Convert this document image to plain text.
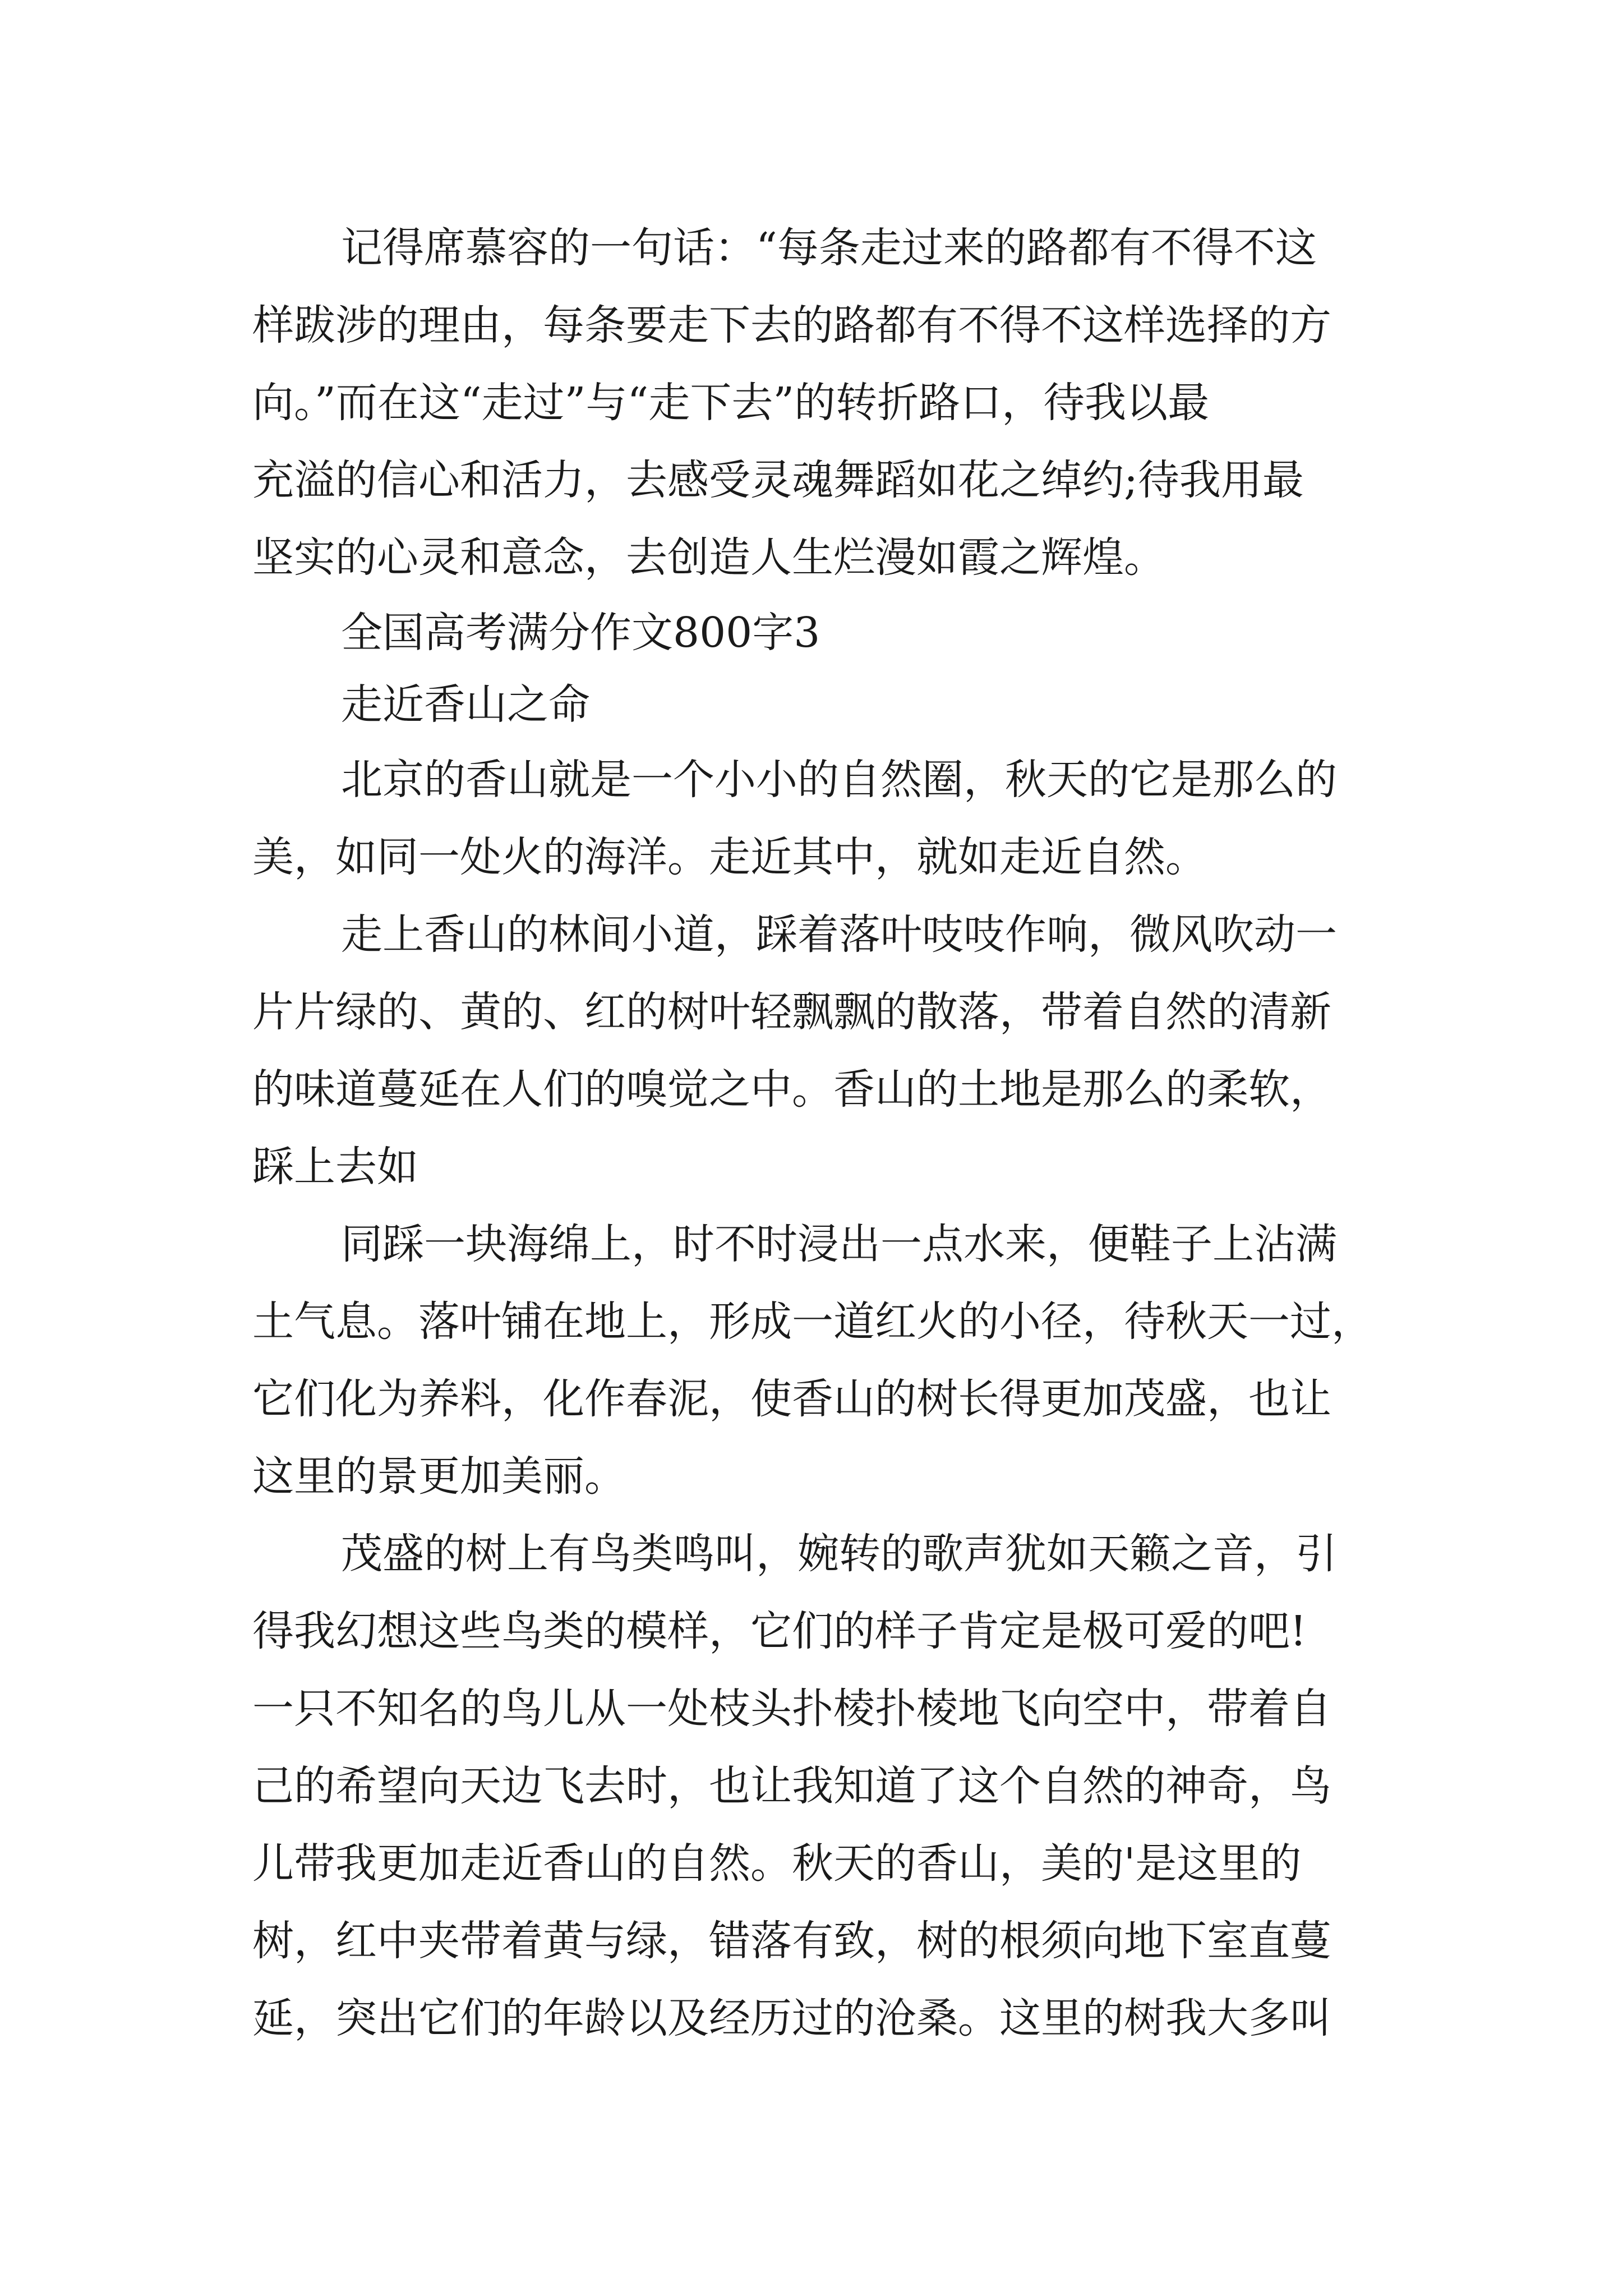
记得席慕容的一句话：“每条走过来的路都有不得不这

样跋涉的理由，每条要走下去的路都有不得不这样选择的方

向。”而在这“走过”与“走下去”的转折路口，待我以最

充溢的信心和活力，去感受灵魂舞蹈如花之绰约;待我用最

坚实的心灵和意念，去创造人生烂漫如霞之辉煌。

全国高考满分作文800字3

走近香山之命

北京的香山就是一个小小的自然圈，秋天的它是那么的

美，如同一处火的海洋。走近其中，就如走近自然。

走上香山的林间小道，踩着落叶吱吱作响，微风吹动一

片片绿的、黄的、红的树叶轻飘飘的散落，带着自然的清新

的味道蔓延在人们的嗅觉之中。香山的土地是那么的柔软，

踩上去如

同踩一块海绵上，时不时浸出一点水来，便鞋子上沾满

土气息。落叶铺在地上，形成一道红火的小径，待秋天一过，

它们化为养料，化作春泥，使香山的树长得更加茂盛，也让

这里的景更加美丽。

茂盛的树上有鸟类鸣叫，婉转的歌声犹如天籁之音，引

得我幻想这些鸟类的模样，它们的样子肯定是极可爱的吧!

一只不知名的鸟儿从一处枝头扑棱扑棱地飞向空中，带着自

己的希望向天边飞去时，也让我知道了这个自然的神奇，鸟

儿带我更加走近香山的自然。秋天的香山，美的'是这里的

树，红中夹带着黄与绿，错落有致，树的根须向地下室直蔓

延，突出它们的年龄以及经历过的沧桑。这里的树我大多叫
